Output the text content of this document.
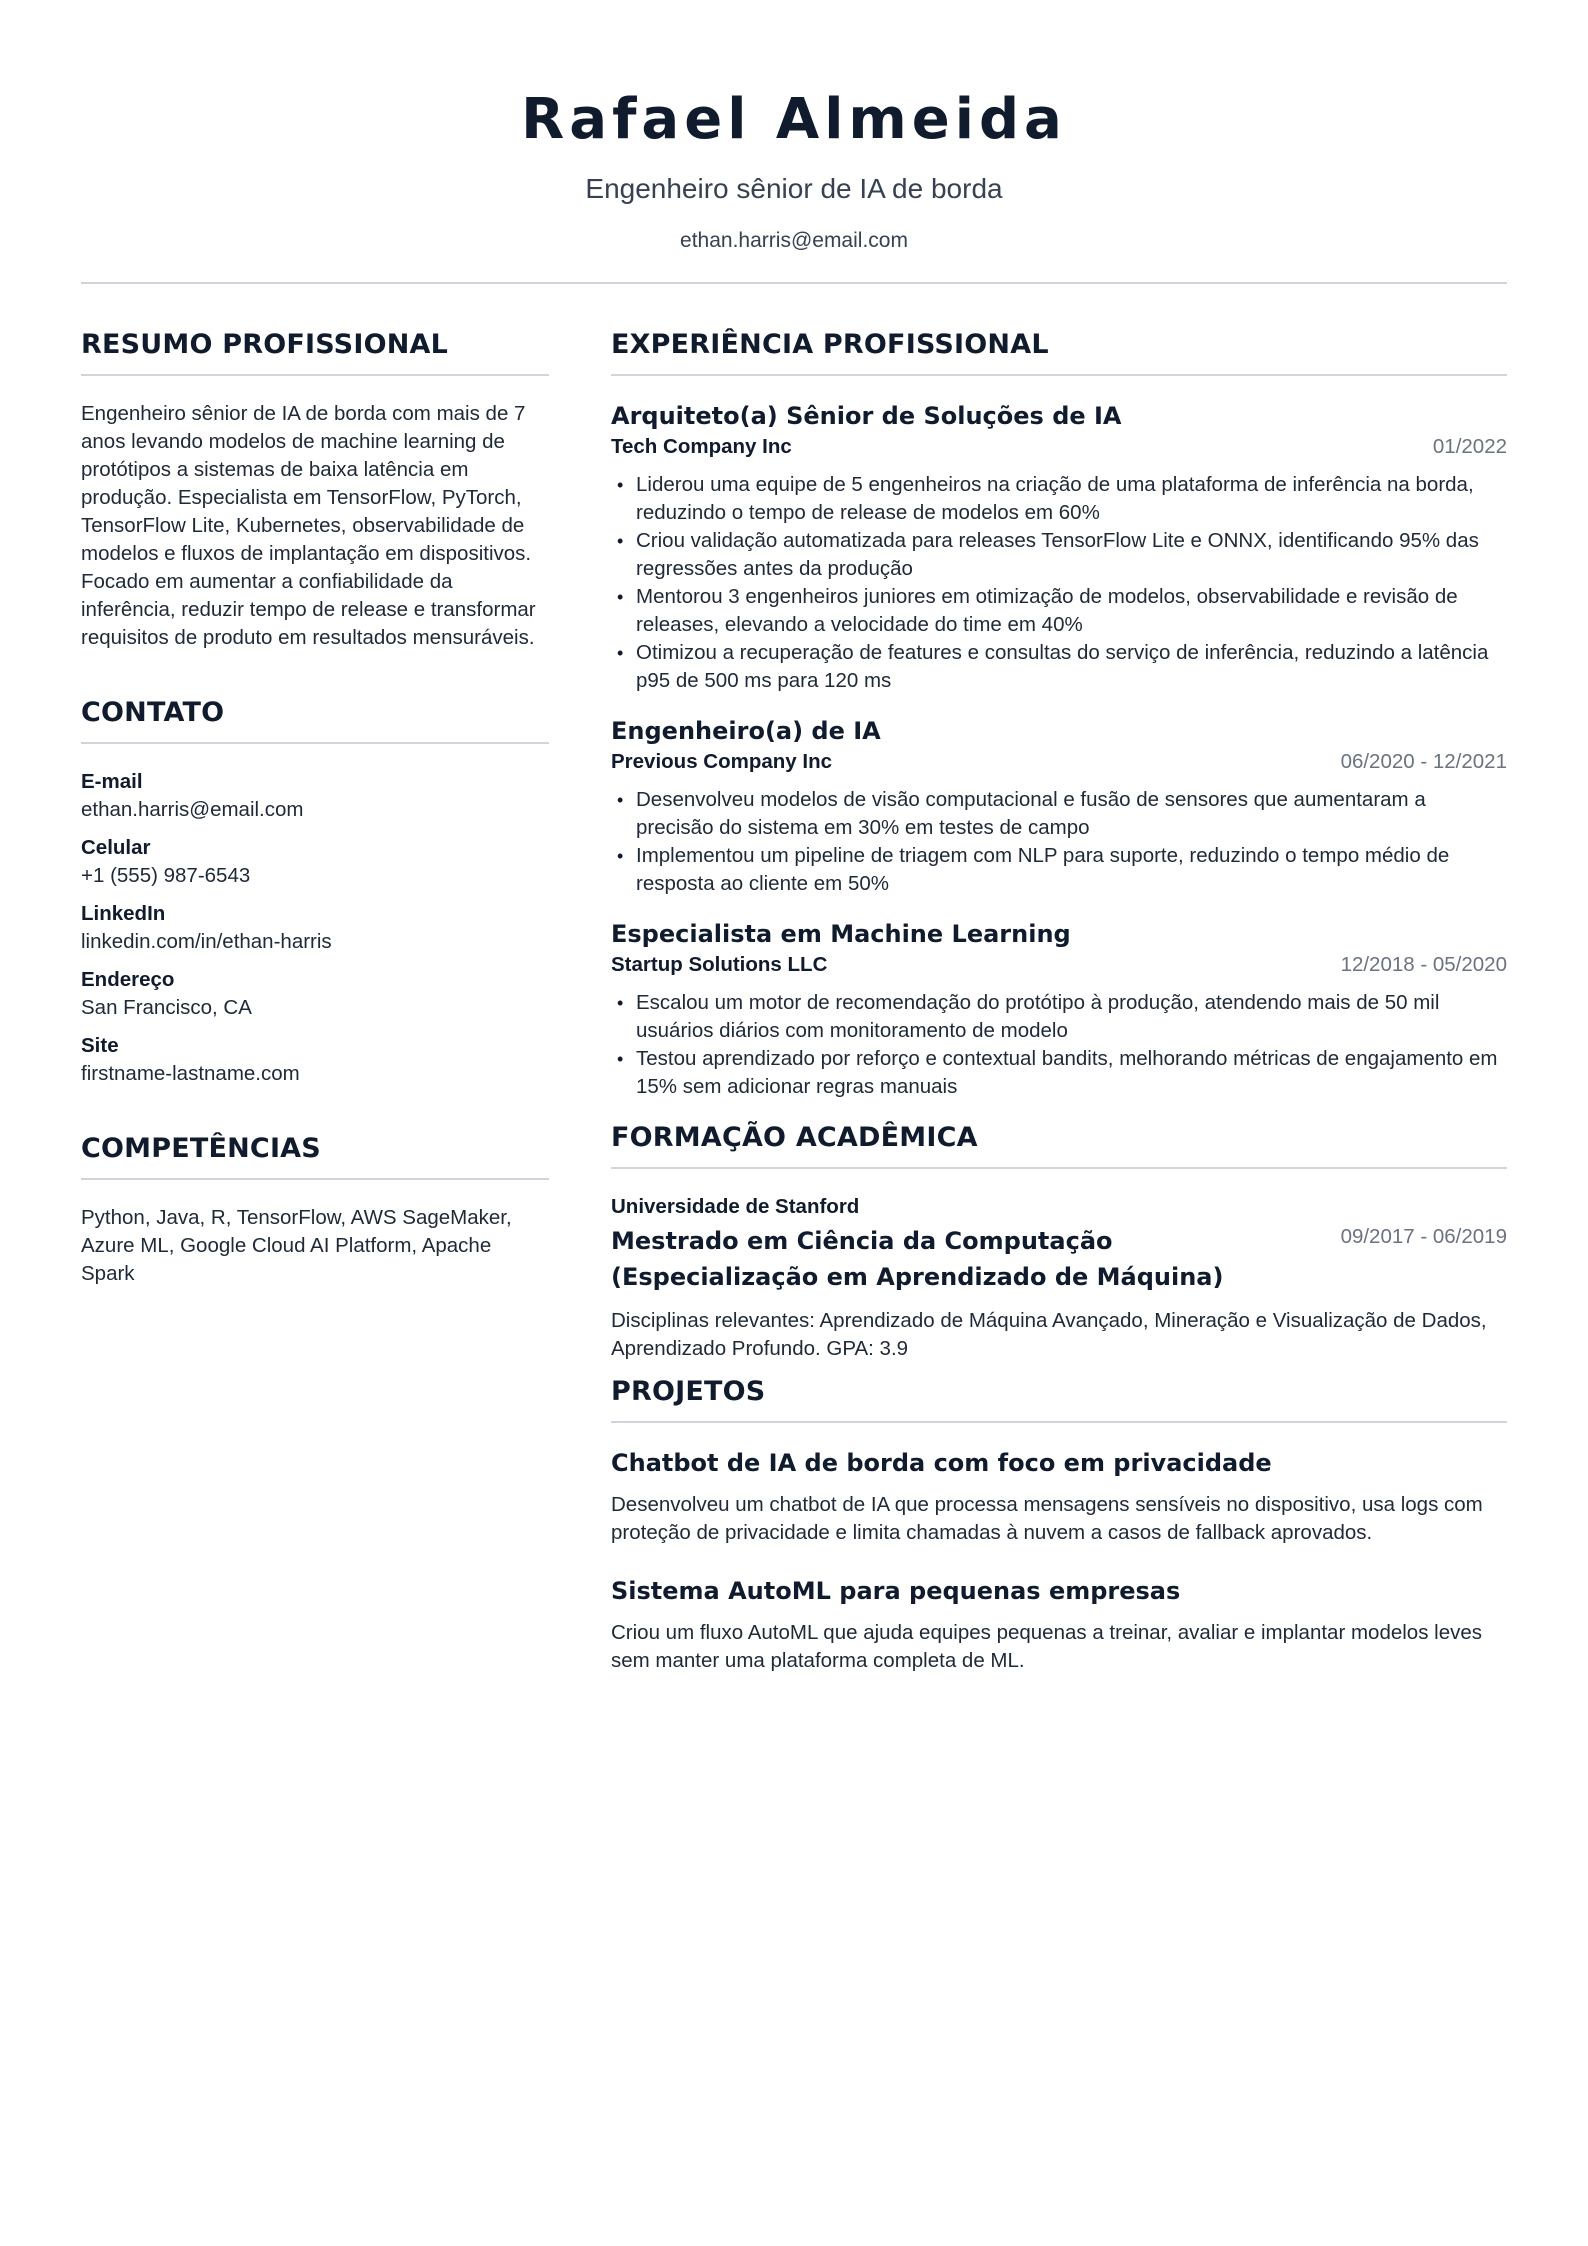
Rafael Almeida
Engenheiro sênior de IA de borda
ethan.harris@email.com
RESUMO PROFISSIONAL

Engenheiro sênior de IA de borda com mais de 7 anos levando modelos de machine learning de protótipos a sistemas de baixa latência em produção. Especialista em TensorFlow, PyTorch, TensorFlow Lite, Kubernetes, observabilidade de modelos e fluxos de implantação em dispositivos. Focado em aumentar a confiabilidade da inferência, reduzir tempo de release e transformar requisitos de produto em resultados mensuráveis.

CONTATO
E-mail
ethan.harris@email.com
Celular
+1 (555) 987-6543
LinkedIn
linkedin.com/in/ethan-harris
Endereço
San Francisco, CA
Site
firstname-lastname.com
COMPETÊNCIAS

Python, Java, R, TensorFlow, AWS SageMaker, Azure ML, Google Cloud AI Platform, Apache Spark

EXPERIÊNCIA PROFISSIONAL
Arquiteto(a) Sênior de Soluções de IA
Tech Company Inc	01/2022
• Liderou uma equipe de 5 engenheiros na criação de uma plataforma de inferência na borda, reduzindo o tempo de release de modelos em 60%
• Criou validação automatizada para releases TensorFlow Lite e ONNX, identificando 95% das regressões antes da produção
• Mentorou 3 engenheiros juniores em otimização de modelos, observabilidade e revisão de releases, elevando a velocidade do time em 40%
• Otimizou a recuperação de features e consultas do serviço de inferência, reduzindo a latência p95 de 500 ms para 120 ms
Engenheiro(a) de IA
Previous Company Inc	06/2020 - 12/2021
• Desenvolveu modelos de visão computacional e fusão de sensores que aumentaram a precisão do sistema em 30% em testes de campo
• Implementou um pipeline de triagem com NLP para suporte, reduzindo o tempo médio de resposta ao cliente em 50%
Especialista em Machine Learning
Startup Solutions LLC	12/2018 - 05/2020
• Escalou um motor de recomendação do protótipo à produção, atendendo mais de 50 mil usuários diários com monitoramento de modelo
• Testou aprendizado por reforço e contextual bandits, melhorando métricas de engajamento em 15% sem adicionar regras manuais
FORMAÇÃO ACADÊMICA
Universidade de Stanford
Mestrado em Ciência da Computação (Especialização em Aprendizado de Máquina)
09/2017 - 06/2019

Disciplinas relevantes: Aprendizado de Máquina Avançado, Mineração e Visualização de Dados, Aprendizado Profundo. GPA: 3.9

PROJETOS
Chatbot de IA de borda com foco em privacidade

Desenvolveu um chatbot de IA que processa mensagens sensíveis no dispositivo, usa logs com proteção de privacidade e limita chamadas à nuvem a casos de fallback aprovados.

Sistema AutoML para pequenas empresas

Criou um fluxo AutoML que ajuda equipes pequenas a treinar, avaliar e implantar modelos leves sem manter uma plataforma completa de ML.
